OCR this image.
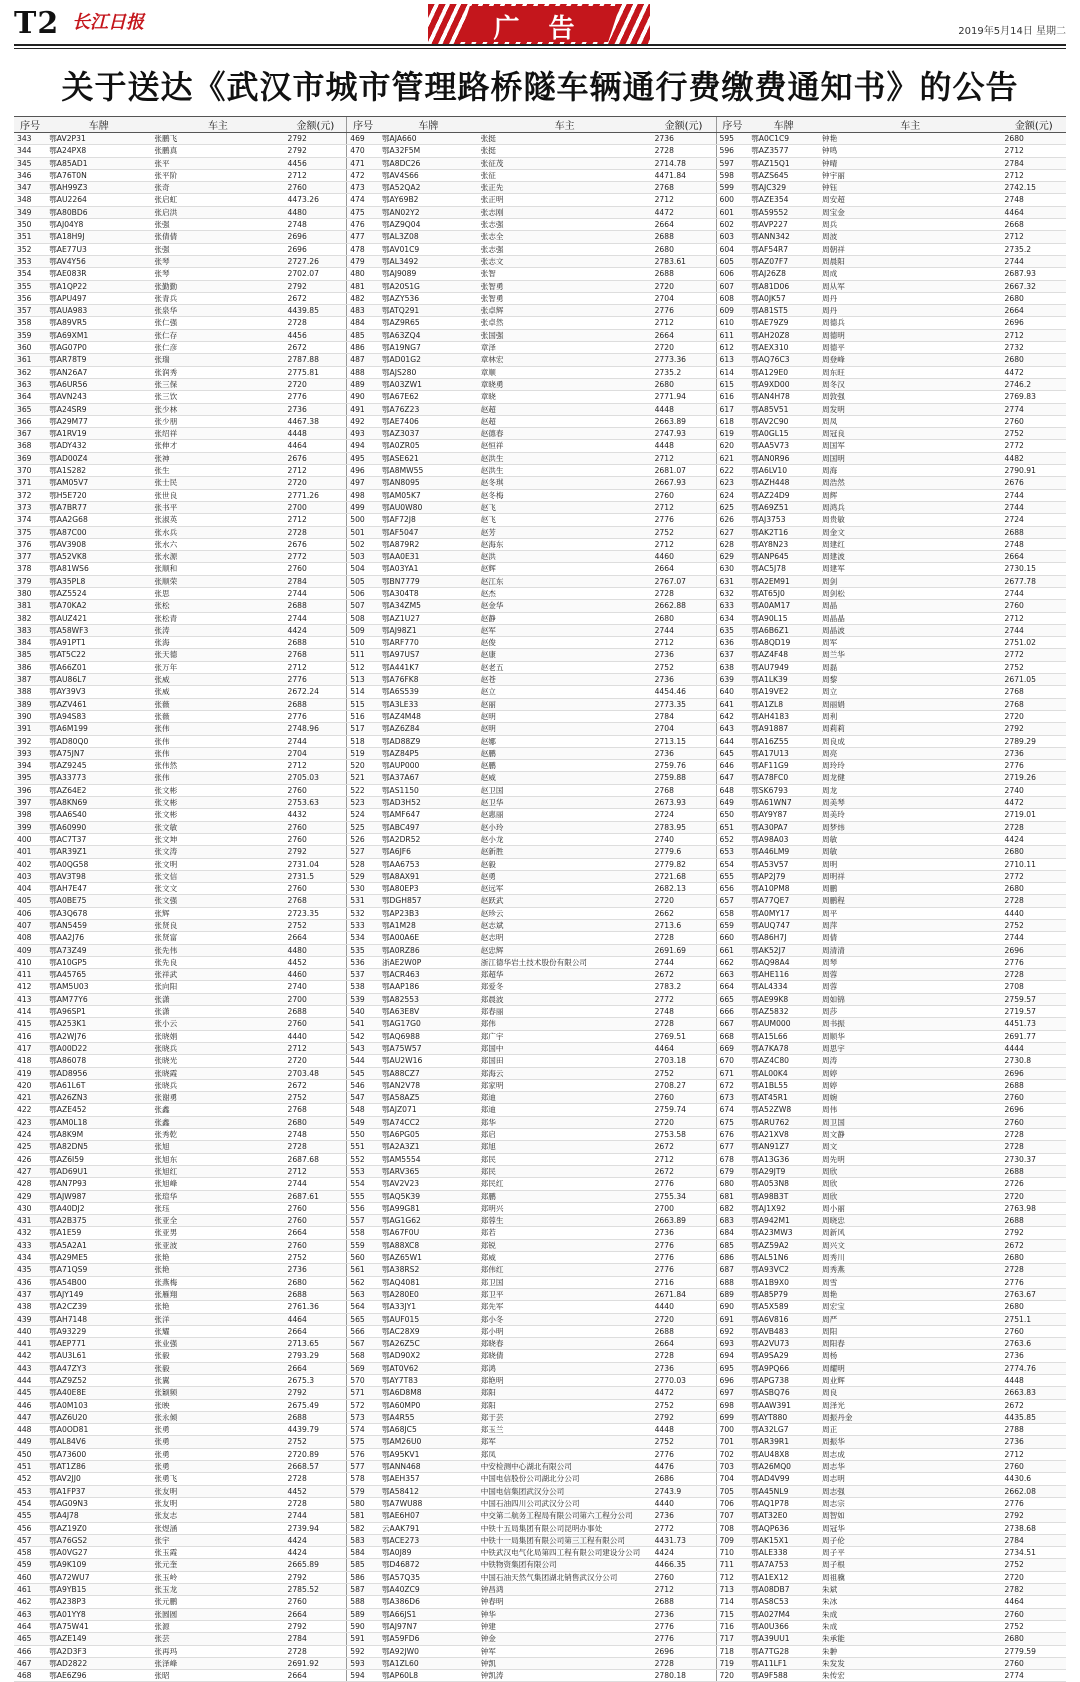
T2 长江日报	广 告	2019年5月14日 星期二
关于送达《武汉市城市管理路桥隧车辆通行费缴费通知书》的公告
序号	车牌	车主	金额(元)	序号	车牌	车主	金额(元)	序号	车牌	车主	金额(元)
343	鄂AV2P31	张鹏飞	2792	469	鄂AJA660	张挺	2736	595	鄂A0C1C9	钟艳	2680
344	鄂A24PX8	张鹏真	2792	470	鄂A32F5M	张挺	2728	596	鄂AZ3577	钟鸣	2712
345	鄂A85AD1	张平	4456	471	鄂A8DC26	张征茂	2714.78	597	鄂AZ15Q1	钟晴	2784
346	鄂A76T0N	张平阶	2712	472	鄂AV4S66	张征	4471.84	598	鄂AZS645	钟宇丽	2712
347	鄂AH99Z3	张奇	2760	473	鄂A52QA2	张正先	2768	599	鄂AJC329	钟钰	2742.15
348	鄂AU2264	张启虹	4473.26	474	鄂AY69B2	张正明	2712	600	鄂AZE354	周安超	2748
349	鄂A80BD6	张启洪	4480	475	鄂AN02Y2	张志刚	4472	601	鄂A59552	周宝金	4464
350	鄂AJ04Y8	张强	2748	476	鄂AZ9Q04	张志强	2664	602	鄂AVP227	周兵	2668
351	鄂A18H9J	张倩倩	2696	477	鄂AL3Z08	张志全	2688	603	鄂ANN342	周波	2712
352	鄂AE77U3	张强	2696	478	鄂AV01C9	张志强	2680	604	鄂AF54R7	周朝祥	2735.2
353	鄂AV4Y56	张琴	2727.26	479	鄂AL3492	张志文	2783.61	605	鄂AZ07F7	周晨阳	2744
354	鄂AE083R	张琴	2702.07	480	鄂AJ9089	张智	2688	606	鄂AJ26Z8	周成	2687.93
355	鄂A1QP22	张勤勤	2792	481	鄂A20S1G	张智勇	2720	607	鄂A81D06	周从军	2667.32
356	鄂APU497	张青兵	2672	482	鄂AZY536	张智勇	2704	608	鄂A0JK57	周丹	2680
357	鄂AUA983	张泉华	4439.85	483	鄂ATQ291	张卓辉	2776	609	鄂A81ST5	周丹	2664
358	鄂A89VR5	张仁强	2728	484	鄂AZ9R65	张卓然	2712	610	鄂AE79Z9	周德兵	2696
359	鄂A69XM1	张仁存	4456	485	鄂A63ZQ4	张国强	2664	611	鄂AH20Z8	周德明	2712
360	鄂AG07P0	张仁彦	2672	486	鄂A19NG7	章泽	2720	612	鄂AEX310	周德平	2732
361	鄂AR78T9	张瑞	2787.88	487	鄂AD01G2	章林宏	2773.36	613	鄂AQ76C3	周登峰	2680
362	鄂AN26A7	张润秀	2775.81	488	鄂AJS280	章顺	2735.2	614	鄂A129E0	周东旺	4472
363	鄂A6UR56	张三保	2720	489	鄂A03ZW1	章晓勇	2680	615	鄂A9XD00	周冬汉	2746.2
364	鄂AVN243	张三饮	2776	490	鄂A67E62	章晓	2771.94	616	鄂AN4H78	周敦强	2769.83
365	鄂A24SR9	张少林	2736	491	鄂A76Z23	赵超	4448	617	鄂A85V51	周发明	2774
366	鄂A29M77	张少朋	4467.38	492	鄂AE7406	赵超	2663.89	618	鄂AV2C90	周凤	2760
367	鄂A1RV19	张绍祥	4448	493	鄂AZ3037	赵德春	2747.93	619	鄂A0GL15	周冠良	2752
368	鄂ADY432	张伸才	4464	494	鄂A0ZR05	赵恒祥	4448	620	鄂AA5V73	周国军	2772
369	鄂AD00Z4	张神	2676	495	鄂ASE621	赵洪生	2712	621	鄂AN0R96	周国明	4482
370	鄂A1S282	张生	2712	496	鄂A8MW55	赵洪生	2681.07	622	鄂A6LV10	周海	2790.91
371	鄂AM05V7	张士民	2720	497	鄂AN8095	赵冬琪	2667.93	623	鄂AZH448	周浩然	2676
372	鄂H5E720	张世良	2771.26	498	鄂AM05K7	赵冬梅	2760	624	鄂AZ24D9	周辉	2744
373	鄂A7BR77	张书平	2700	499	鄂AU0W80	赵飞	2712	625	鄂A69Z51	周鸿兵	2744
374	鄂AA2G68	张淑英	2712	500	鄂AF72J8	赵飞	2776	626	鄂AJ3753	周贵敏	2724
375	鄂A87C00	张水兵	2728	501	鄂AF5047	赵芳	2752	627	鄂AK2T16	周金文	2688
376	鄂AV3908	张水六	2676	502	鄂A879R2	赵海东	2712	628	鄂AY8N23	周建红	2748
377	鄂A52VK8	张水源	2772	503	鄂AA0E31	赵洪	4460	629	鄂ANP645	周建波	2664
378	鄂A81WS6	张顺和	2760	504	鄂A03YA1	赵辉	2664	630	鄂AC5J78	周建军	2730.15
379	鄂A35PL8	张顺荣	2784	505	鄂BN7779	赵江东	2767.07	631	鄂A2EM91	周剑	2677.78
380	鄂AZ5524	张思	2744	506	鄂A304T8	赵杰	2728	632	鄂AT65J0	周剑松	2744
381	鄂A70KA2	张松	2688	507	鄂A34ZM5	赵金华	2662.88	633	鄂A0AM17	周晶	2760
382	鄂AUZ421	张松青	2744	508	鄂AZ1U27	赵静	2680	634	鄂A90L15	周晶晶	2712
383	鄂A58WF3	张涛	4424	509	鄂AJ98Z1	赵军	2744	635	鄂A6B6Z1	周晶波	2744
384	鄂A91PT1	张海	2688	510	鄂ARF770	赵俊	2712	636	鄂A8QD19	周军	2751.02
385	鄂AT5C22	张天德	2768	511	鄂A97US7	赵康	2736	637	鄂AZ4F48	周兰华	2772
386	鄂A66Z01	张万年	2712	512	鄂A441K7	赵老五	2752	638	鄂AU7949	周磊	2752
387	鄂AU86L7	张威	2776	513	鄂A76FK8	赵苍	2736	639	鄂A1LK39	周黎	2671.05
388	鄂AY39V3	张威	2672.24	514	鄂A6S539	赵立	4454.46	640	鄂A19VE2	周立	2768
389	鄂AZV461	张薇	2688	515	鄂A3LE33	赵丽	2773.35	641	鄂A1ZL8	周丽娟	2768
390	鄂A94S83	张薇	2776	516	鄂AZ4M48	赵明	2784	642	鄂AH4183	周利	2720
391	鄂A6M199	张伟	2748.96	517	鄂AZ6Z84	赵明	2704	643	鄂A91887	周莉莉	2792
392	鄂AD80Q0	张伟	2744	518	鄂AD88Z9	赵娜	2713.15	644	鄂A16Z55	周良成	2789.29
393	鄂A75JN7	张伟	2704	519	鄂AZ84P5	赵鹏	2736	645	鄂A17U13	周亮	2736
394	鄂AZ9245	张伟然	2712	520	鄂AUP000	赵鹏	2759.76	646	鄂AF11G9	周玲玲	2776
395	鄂A33773	张伟	2705.03	521	鄂A37A67	赵威	2759.88	647	鄂A78FC0	周龙健	2719.26
396	鄂AZ64E2	张文彬	2760	522	鄂AS1150	赵卫国	2768	648	鄂SK6793	周龙	2740
397	鄂A8KN69	张文彬	2753.63	523	鄂AD3H52	赵卫华	2673.93	649	鄂A61WN7	周美琴	4472
398	鄂AA6S40	张文彬	4432	524	鄂AMF647	赵惠丽	2724	650	鄂AY9Y87	周美玲	2719.01
399	鄂A60990	张文敏	2760	525	鄂ABC497	赵小玲	2783.95	651	鄂A30PA7	周梦炜	2728
400	鄂AC7T37	张文坤	2760	526	鄂A2DR52	赵小龙	2740	652	鄂A98A03	周敏	4424
401	鄂AR39Z1	张文涛	2792	527	鄂A6JF6	赵新胜	2779.6	653	鄂A46LM9	周敏	2680
402	鄂A0QG58	张文明	2731.04	528	鄂AA6753	赵毅	2779.82	654	鄂A53V57	周明	2710.11
403	鄂AV3T98	张文信	2731.5	529	鄂A8AX91	赵勇	2721.68	655	鄂AP2J79	周明祥	2772
404	鄂AH7E47	张文文	2760	530	鄂A80EP3	赵远军	2682.13	656	鄂A10PM8	周鹏	2680
405	鄂A0BE75	张文强	2768	531	鄂DGH857	赵跃武	2720	657	鄂A77QE7	周鹏程	2728
406	鄂A3Q678	张辉	2723.35	532	鄂AP23B3	赵珍云	2662	658	鄂A0MY17	周平	4440
407	鄂AN5459	张贤良	2752	533	鄂A1M28	赵志斌	2713.6	659	鄂AUQ747	周萍	2752
408	鄂AA2J76	张贤富	2664	534	鄂A00A6E	赵志明	2728	660	鄂A86H7J	周倩	2744
409	鄂A73Z49	张先伟	4480	535	鄂A0RZ86	赵忠辉	2691.69	661	鄂AK52J7	周清清	2696
410	鄂A10GP5	张先良	4452	536	浙AE2W0P	浙江德华岩土技术股份有限公司	2744	662	鄂AQ98A4	周琴	2776
411	鄂A45765	张祥武	4460	537	鄂ACR463	郑超华	2672	663	鄂AHE116	周蓉	2728
412	鄂AM5U03	张向阳	2740	538	鄂AAP186	郑爱冬	2783.2	664	鄂AL4334	周蓉	2708
413	鄂AM77Y6	张潇	2700	539	鄂A82553	郑晨波	2772	665	鄂AE99K8	周如锦	2759.57
414	鄂A96SP1	张潇	2688	540	鄂A63E8V	郑春丽	2748	666	鄂AZ5832	周莎	2719.57
415	鄂A253K1	张小云	2760	541	鄂AG17G0	郑伟	2728	667	鄂AUM000	周书振	4451.73
416	鄂A2WJ76	张晓娟	4440	542	鄂AQ6988	郑广宇	2769.51	668	鄂A15L66	周顺华	2691.77
417	鄂A00D22	张晓兵	2712	543	鄂A75W57	郑国中	4464	669	鄂A7KA78	周思宇	4444
418	鄂A86078	张晓光	2720	544	鄂AU2W16	郑国田	2703.18	670	鄂AZ4C80	周涛	2730.8
419	鄂AD8956	张晓霞	2703.48	545	鄂A88CZ7	郑海云	2752	671	鄂AL00K4	周婷	2696
420	鄂A61L6T	张晓兵	2672	546	鄂AN2V78	郑家明	2708.27	672	鄂A1BL55	周婷	2688
421	鄂A26ZN3	张谢勇	2752	547	鄂A58AZ5	郑迪	2760	673	鄂AT45R1	周婉	2760
422	鄂AZE452	张鑫	2768	548	鄂AJZ071	郑迪	2759.74	674	鄂A52ZW8	周伟	2696
423	鄂AM0L18	张鑫	2680	549	鄂A74CC2	郑华	2720	675	鄂ARU762	周卫国	2760
424	鄂A8K9M	张秀乾	2748	550	鄂A6PG05	郑启	2753.58	676	鄂A21XV8	周文静	2728
425	鄂A82DN5	张旭	2728	551	鄂A2A3Z1	郑旭	2672	677	鄂AN91Z7	周文	2728
426	鄂AZ6I59	张旭东	2687.68	552	鄂AM5554	郑民	2712	678	鄂A13G36	周先明	2730.37
427	鄂AD69U1	张旭红	2712	553	鄂ARV365	郑民	2672	679	鄂A29JT9	周欣	2688
428	鄂AN7P93	张旭峰	2744	554	鄂AV2V23	郑民红	2776	680	鄂A053N8	周欣	2726
429	鄂AJW987	张瑄华	2687.61	555	鄂AQ5K39	郑鹏	2755.34	681	鄂A98B3T	周欣	2720
430	鄂A40DJ2	张珏	2760	556	鄂A99G81	郑明兴	2700	682	鄂AJ1X92	周小丽	2763.98
431	鄂A2B375	张亚全	2760	557	鄂AG1G62	郑蓉生	2663.89	683	鄂A942M1	周晓忠	2688
432	鄂A1E59	张亚男	2664	558	鄂A67F0U	郑若	2736	684	鄂A23MW3	周新风	2792
433	鄂A5A2A1	张亚波	2760	559	鄂A88XC8	郑锐	2776	685	鄂AZ59A2	周兴文	2672
434	鄂A29ME5	张艳	2752	560	鄂AZ65W1	郑威	2776	686	鄂AL51N6	周秀川	2680
435	鄂A71QS9	张艳	2736	561	鄂A38RS2	郑伟红	2776	687	鄂A93VC2	周秀燕	2728
436	鄂A54B00	张燕梅	2680	562	鄂AQ4081	郑卫国	2716	688	鄂A1B9X0	周雪	2776
437	鄂AJY149	张雁翔	2688	563	鄂A280E0	郑卫平	2671.84	689	鄂A85P79	周艳	2763.67
438	鄂A2CZ39	张艳	2761.36	564	鄂A33JY1	郑先军	4440	690	鄂A5X589	周宏宝	2680
439	鄂AH7148	张洋	4464	565	鄂AUF015	郑小冬	2720	691	鄂A6V816	周严	2751.1
440	鄂A93229	张耀	2664	566	鄂AC28X9	郑小明	2688	692	鄂AVB483	周阳	2760
441	鄂AEP771	张业强	2713.65	567	鄂A26Z5C	郑晓春	2664	693	鄂A2VU73	周阳春	2763.6
442	鄂AU3L61	张毅	2793.29	568	鄂AD90X2	郑晓倩	2728	694	鄂A9SA29	周杨	2736
443	鄂A47ZY3	张毅	2664	569	鄂AT0V62	郑鸿	2736	695	鄂A9PQ66	周耀明	2774.76
444	鄂AZ9Z52	张翼	2675.3	570	鄂AY7T83	郑艳明	2770.03	696	鄂APG738	周业辉	4448
445	鄂A40E8E	张颖频	2792	571	鄂A6D8M8	郑阳	4472	697	鄂ASBQ76	周良	2663.83
446	鄂A0M103	张映	2675.49	572	鄂A60MP0	郑阳	2752	698	鄂AAW391	周泽光	2672
447	鄂AZ6U20	张永倾	2688	573	鄂A4R55	郑于芸	2792	699	鄂AYT880	周振丹金	4435.85
448	鄂A0OD81	张勇	4439.79	574	鄂A68JC5	郑玉兰	4448	700	鄂A32LG7	周正	2788
449	鄂AL84V6	张勇	2752	575	鄂AM26U0	郑军	2752	701	鄂AR39R1	周振华	2736
450	鄂A73600	张勇	2720.89	576	鄂A95KV1	郑凤	2776	702	鄂AU48X8	周志成	2712
451	鄂AT1Z86	张勇	2668.57	577	鄂ANN468	中安检测中心湖北有限公司	4476	703	鄂A26MQ0	周志华	2760
452	鄂AV2JJ0	张勇飞	2728	578	鄂AEH357	中国电信股份公司湖北分公司	2686	704	鄂AD4V99	周志明	4430.6
453	鄂A1FP37	张友明	4452	579	鄂A58412	中国电信集团武汉分公司	2743.9	705	鄂A45NL9	周志强	2662.08
454	鄂AG09N3	张友明	2728	580	鄂A7WU88	中国石油四川公司武汉分公司	4440	706	鄂AQ1P78	周志宗	2776
455	鄂A4J78	张友志	2744	581	鄂AE6H07	中交第二航务工程局有限公司第六工程分公司	2736	707	鄂AT32E0	周智如	2792
456	鄂AZ19Z0	张煜涵	2739.94	582	云AAK791	中铁十五局集团有限公司昆明办事处	2772	708	鄂AQP636	周冠华	2738.68
457	鄂A76GS2	张宇	4424	583	鄂ACE273	中铁十一局集团有限公司第三工程有限公司	4431.73	709	鄂AK15X1	周子伦	2784
458	鄂A0VG27	张玉霞	4424	584	鄂A0J89	中铁武汉电气化局第四工程有限公司建设分公司	4424	710	鄂ALE338	周子平	2734.51
459	鄂A9K109	张元奎	2665.89	585	鄂D46872	中铁物资集团有限公司	4466.35	711	鄂A7A753	周子根	2752
460	鄂A72WU7	张玉岭	2792	586	鄂A57Q35	中国石油天然气集团湖北销售武汉分公司	2760	712	鄂A1EX12	周祖骥	2720
461	鄂A9YB15	张玉龙	2785.52	587	鄂A40ZC9	钟昌鸿	2712	713	鄂A08DB7	朱斌	2782
462	鄂A238P3	张元鹏	2760	588	鄂A386D6	钟春明	2688	714	鄂AS8C53	朱冰	4464
463	鄂A01YY8	张圆圆	2664	589	鄂A66JS1	钟华	2736	715	鄂A027M4	朱成	2760
464	鄂A75W41	张源	2792	590	鄂AJ97N7	钟建	2776	716	鄂A0U366	朱成	2752
465	鄂AZE149	张芸	2784	591	鄂A59FD6	钟金	2776	717	鄂A39UU1	朱承能	2680
466	鄂A2D3F3	张再玛	2728	592	鄂A92JW0	钟军	2696	718	鄂A7TG28	朱翀	2779.59
467	鄂AD2822	张泽峰	2691.92	593	鄂A1ZL60	钟凯	2728	719	鄂A11LF1	朱发发	2760
468	鄂AE6Z96	张昭	2664	594	鄂AP60L8	钟凯涛	2780.18	720	鄂A9F588	朱传宏	2774
